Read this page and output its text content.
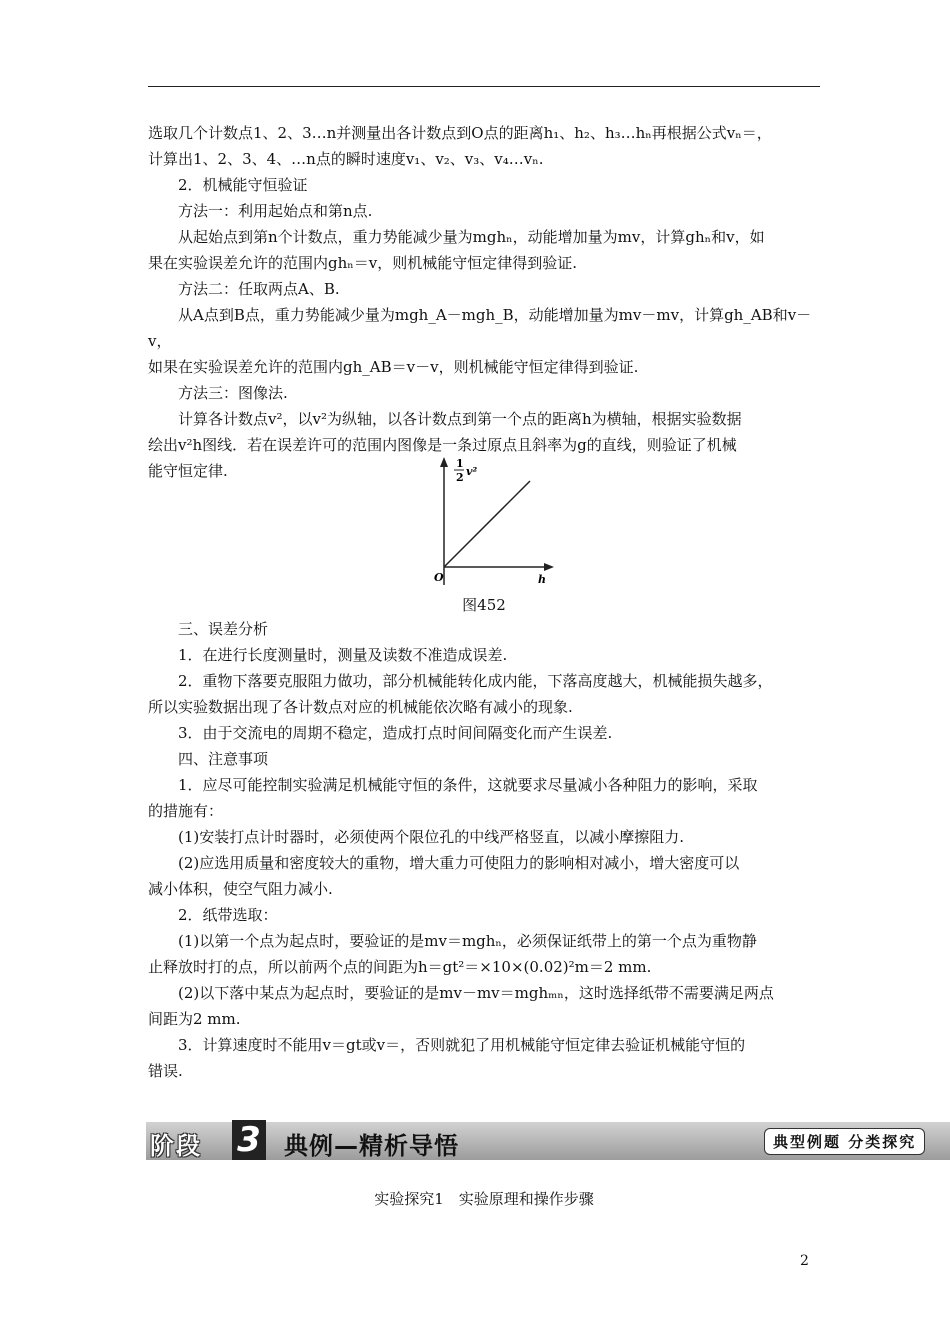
选取几个计数点1、2、3…n并测量出各计数点到O点的距离h₁、h₂、h₃…hₙ再根据公式vₙ＝，

计算出1、2、3、4、…n点的瞬时速度v₁、v₂、v₃、v₄…vₙ.

2．机械能守恒验证

方法一：利用起始点和第n点.

从起始点到第n个计数点，重力势能减少量为mghₙ，动能增加量为mv，计算ghₙ和v，如

果在实验误差允许的范围内ghₙ＝v，则机械能守恒定律得到验证.

方法二：任取两点A、B.

从A点到B点，重力势能减少量为mgh_A－mgh_B，动能增加量为mv－mv，计算gh_AB和v－v，

如果在实验误差允许的范围内gh_AB＝v－v，则机械能守恒定律得到验证.

方法三：图像法.

计算各计数点v²，以v²为纵轴，以各计数点到第一个点的距离h为横轴，根据实验数据

绘出v²h图线．若在误差许可的范围内图像是一条过原点且斜率为g的直线，则验证了机械

能守恒定律.	1
2 v²
O	h
图452

三、误差分析

1．在进行长度测量时，测量及读数不准造成误差.

2．重物下落要克服阻力做功，部分机械能转化成内能，下落高度越大，机械能损失越多，

所以实验数据出现了各计数点对应的机械能依次略有减小的现象.

3．由于交流电的周期不稳定，造成打点时间间隔变化而产生误差.

四、注意事项

1．应尽可能控制实验满足机械能守恒的条件，这就要求尽量减小各种阻力的影响，采取

的措施有：

(1)安装打点计时器时，必须使两个限位孔的中线严格竖直，以减小摩擦阻力.

(2)应选用质量和密度较大的重物，增大重力可使阻力的影响相对减小，增大密度可以

减小体积，使空气阻力减小.

2．纸带选取：

(1)以第一个点为起点时，要验证的是mv＝mghₙ，必须保证纸带上的第一个点为重物静

止释放时打的点，所以前两个点的间距为h＝gt²＝×10×(0.02)²m＝2 mm.

(2)以下落中某点为起点时，要验证的是mv－mv＝mghₘₙ，这时选择纸带不需要满足两点

间距为2 mm.

3．计算速度时不能用v＝gt或v＝，否则就犯了用机械能守恒定律去验证机械能守恒的

错误.

阶段 3 典例—精析导悟	典型例题 分类探究
实验探究1　实验原理和操作步骤
2
